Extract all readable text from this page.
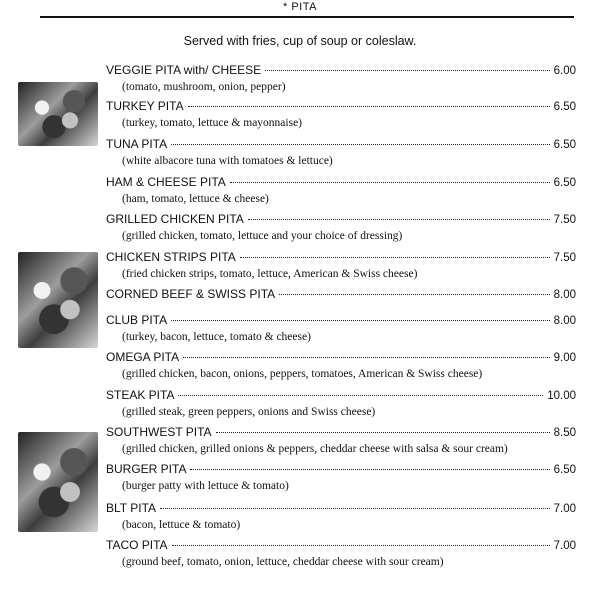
* PITA
Served with fries, cup of soup or coleslaw.
VEGGIE PITA with/ CHEESE	6.00
(tomato, mushroom, onion, pepper)
TURKEY PITA	6.50
(turkey, tomato, lettuce & mayonnaise)
TUNA PITA	6.50
(white albacore tuna with tomatoes & lettuce)
HAM & CHEESE PITA	6.50
(ham, tomato, lettuce & cheese)
GRILLED CHICKEN PITA	7.50
(grilled chicken, tomato, lettuce and your choice of dressing)
CHICKEN STRIPS PITA	7.50
(fried chicken strips, tomato, lettuce, American & Swiss cheese)
CORNED BEEF & SWISS PITA	8.00
CLUB PITA	8.00
(turkey, bacon, lettuce, tomato & cheese)
OMEGA PITA	9.00
(grilled chicken, bacon, onions, peppers, tomatoes, American & Swiss cheese)
STEAK PITA	10.00
(grilled steak, green peppers, onions and Swiss cheese)
SOUTHWEST PITA	8.50
(grilled chicken, grilled onions & peppers, cheddar cheese with salsa & sour cream)
BURGER PITA	6.50
(burger patty with lettuce & tomato)
BLT PITA	7.00
(bacon, lettuce & tomato)
TACO PITA	7.00
(ground beef, tomato, onion, lettuce, cheddar cheese with sour cream)
